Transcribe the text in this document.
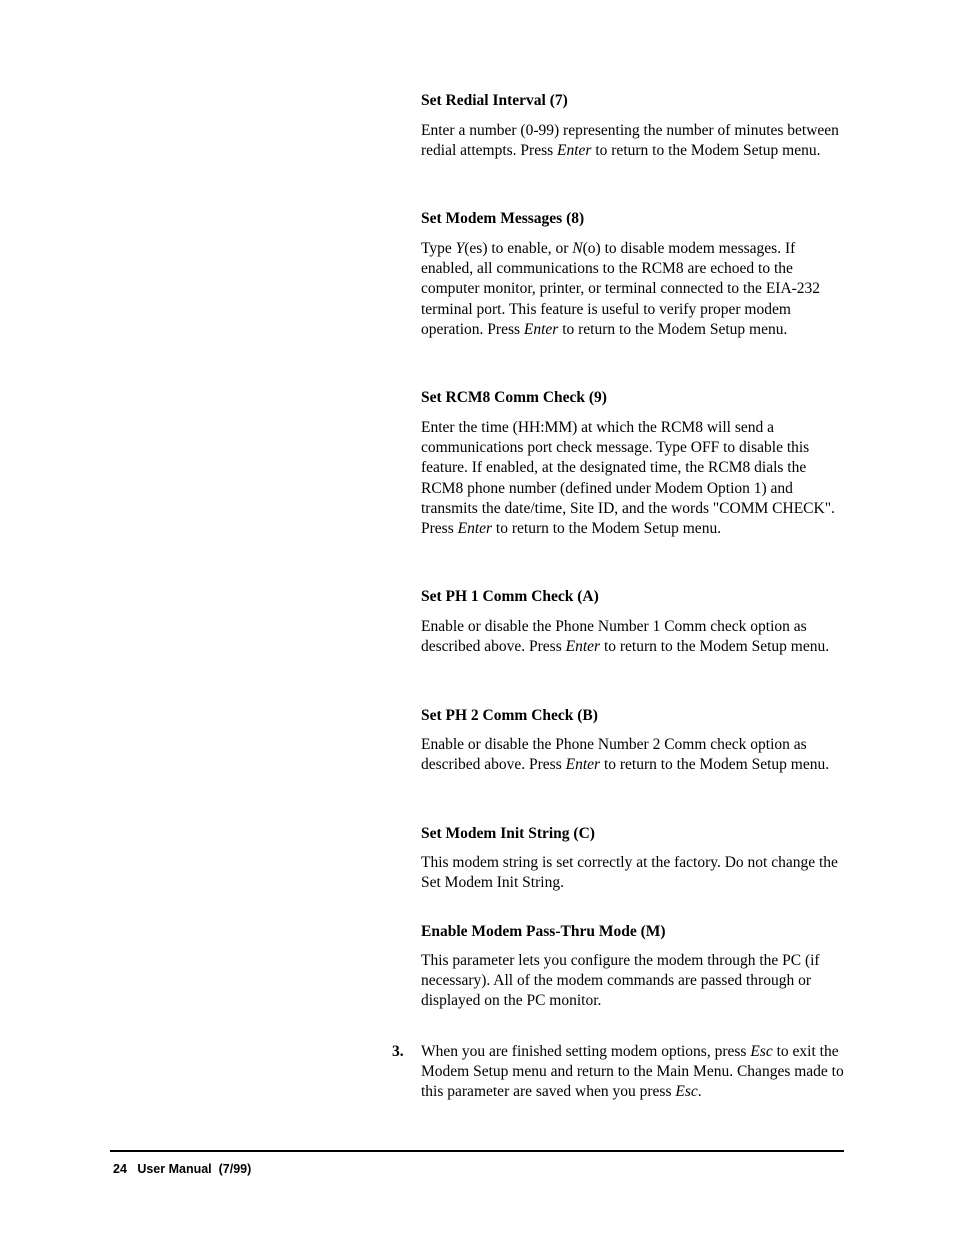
Set Redial Interval (7)

Enter a number (0-99) representing the number of minutes between redial attempts. Press Enter to return to the Modem Setup menu.

Set Modem Messages (8)

Type Y(es) to enable, or N(o) to disable modem messages. If enabled, all communications to the RCM8 are echoed to the computer monitor, printer, or terminal connected to the EIA-232 terminal port. This feature is useful to verify proper modem operation. Press Enter to return to the Modem Setup menu.

Set RCM8 Comm Check (9)

Enter the time (HH:MM) at which the RCM8 will send a communications port check message. Type OFF to disable this feature. If enabled, at the designated time, the RCM8 dials the RCM8 phone number (defined under Modem Option 1) and transmits the date/time, Site ID, and the words "COMM CHECK". Press Enter to return to the Modem Setup menu.

Set PH 1 Comm Check (A)

Enable or disable the Phone Number 1 Comm check option as described above. Press Enter to return to the Modem Setup menu.

Set PH 2 Comm Check (B)

Enable or disable the Phone Number 2 Comm check option as described above. Press Enter to return to the Modem Setup menu.

Set Modem Init String (C)

This modem string is set correctly at the factory. Do not change the Set Modem Init String.

Enable Modem Pass-Thru Mode (M)

This parameter lets you configure the modem through the PC (if necessary). All of the modem commands are passed through or displayed on the PC monitor.

3. When you are finished setting modem options, press Esc to exit the Modem Setup menu and return to the Main Menu. Changes made to this parameter are saved when you press Esc.

24 User Manual (7/99)
